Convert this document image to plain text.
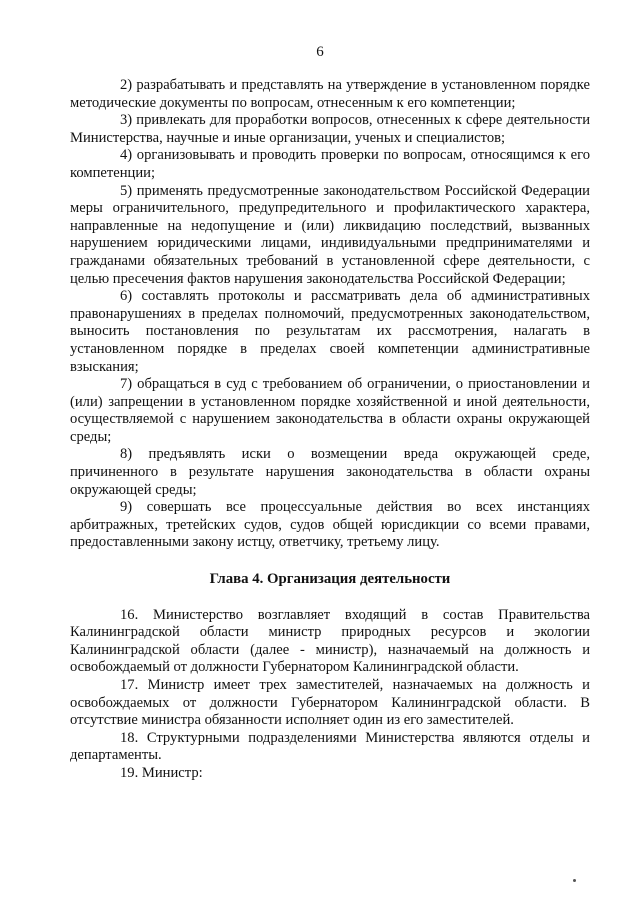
6

2) разрабатывать и представлять на утверждение в установленном порядке методические документы по вопросам, отнесенным к его компетенции;

3) привлекать для проработки вопросов, отнесенных к сфере деятельности Министерства, научные и иные организации, ученых и специалистов;

4) организовывать и проводить проверки по вопросам, относящимся к его компетенции;

5) применять предусмотренные законодательством Российской Федерации меры ограничительного, предупредительного и профилактического характера, направленные на недопущение и (или) ликвидацию последствий, вызванных нарушением юридическими лицами, индивидуальными предпринимателями и гражданами обязательных требований в установленной сфере деятельности, с целью пресечения фактов нарушения законодательства Российской Федерации;

6) составлять протоколы и рассматривать дела об административных правонарушениях в пределах полномочий, предусмотренных законодательством, выносить постановления по результатам их рассмотрения, налагать в установленном порядке в пределах своей компетенции административные взыскания;

7) обращаться в суд с требованием об ограничении, о приостановлении и (или) запрещении в установленном порядке хозяйственной и иной деятельности, осуществляемой с нарушением законодательства в области охраны окружающей среды;

8) предъявлять иски о возмещении вреда окружающей среде, причиненного в результате нарушения законодательства в области охраны окружающей среды;

9) совершать все процессуальные действия во всех инстанциях арбитражных, третейских судов, судов общей юрисдикции со всеми правами, предоставленными закону истцу, ответчику, третьему лицу.

Глава 4. Организация деятельности

16. Министерство возглавляет входящий в состав Правительства Калининградской области министр природных ресурсов и экологии Калининградской области (далее - министр), назначаемый на должность и освобождаемый от должности Губернатором Калининградской области.

17. Министр имеет трех заместителей, назначаемых на должность и освобождаемых от должности Губернатором Калининградской области. В отсутствие министра обязанности исполняет один из его заместителей.

18. Структурными подразделениями Министерства являются отделы и департаменты.

19. Министр:
